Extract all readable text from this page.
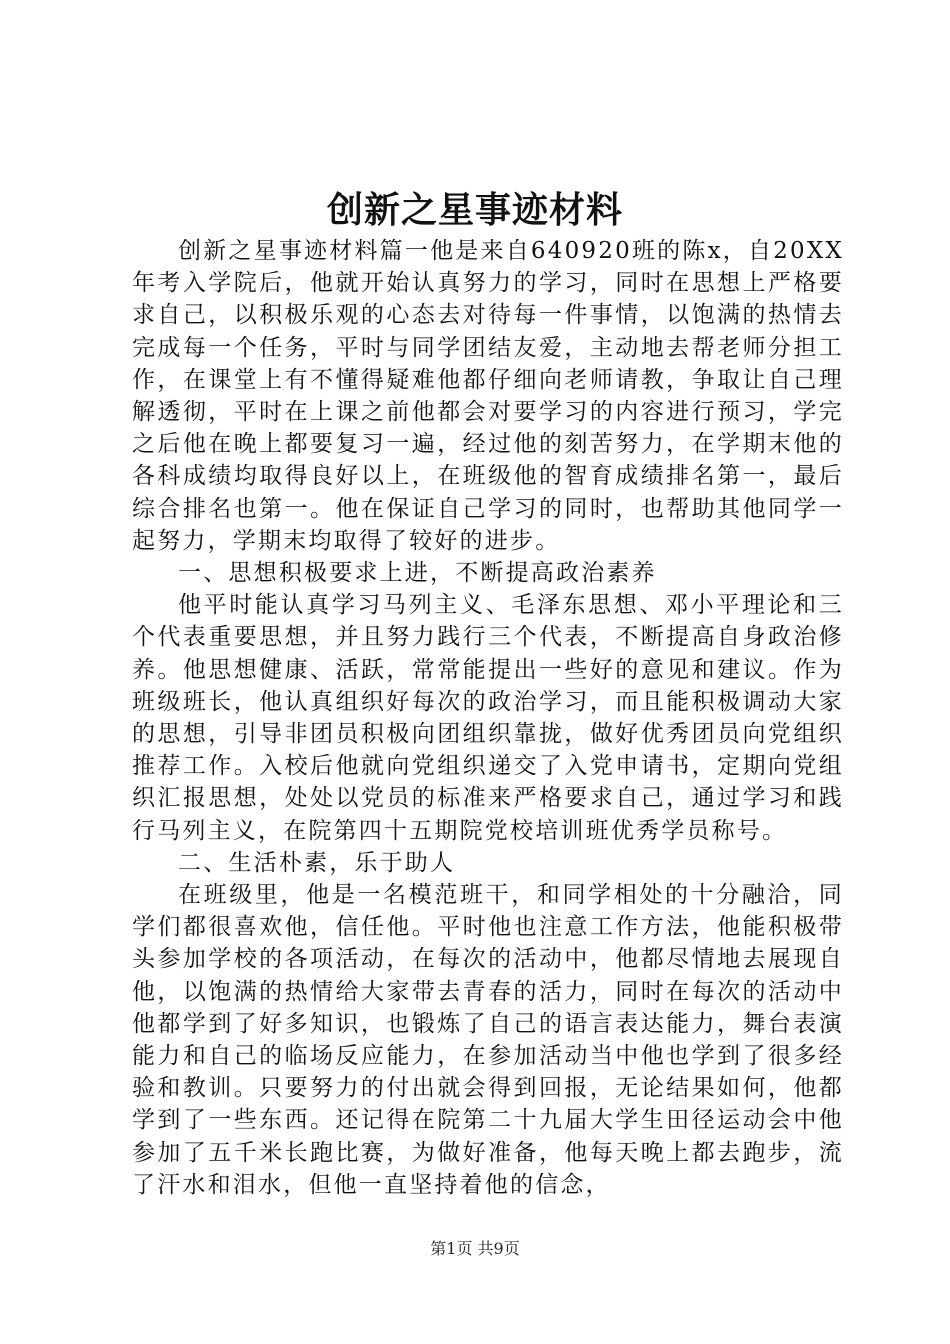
创新之星事迹材料

创新之星事迹材料篇一他是来自640920班的陈x，自20XX年考入学院后，他就开始认真努力的学习，同时在思想上严格要求自己，以积极乐观的心态去对待每一件事情，以饱满的热情去完成每一个任务，平时与同学团结友爱，主动地去帮老师分担工作，在课堂上有不懂得疑难他都仔细向老师请教，争取让自己理解透彻，平时在上课之前他都会对要学习的内容进行预习，学完之后他在晚上都要复习一遍，经过他的刻苦努力，在学期末他的各科成绩均取得良好以上，在班级他的智育成绩排名第一，最后综合排名也第一。他在保证自己学习的同时，也帮助其他同学一起努力，学期末均取得了较好的进步。

一、思想积极要求上进，不断提高政治素养

他平时能认真学习马列主义、毛泽东思想、邓小平理论和三个代表重要思想，并且努力践行三个代表，不断提高自身政治修养。他思想健康、活跃，常常能提出一些好的意见和建议。作为班级班长，他认真组织好每次的政治学习，而且能积极调动大家的思想，引导非团员积极向团组织靠拢，做好优秀团员向党组织推荐工作。入校后他就向党组织递交了入党申请书，定期向党组织汇报思想，处处以党员的标准来严格要求自己，通过学习和践行马列主义，在院第四十五期院党校培训班优秀学员称号。

二、生活朴素，乐于助人

在班级里，他是一名模范班干，和同学相处的十分融洽，同学们都很喜欢他，信任他。平时他也注意工作方法，他能积极带头参加学校的各项活动，在每次的活动中，他都尽情地去展现自他，以饱满的热情给大家带去青春的活力，同时在每次的活动中他都学到了好多知识，也锻炼了自己的语言表达能力，舞台表演能力和自己的临场反应能力，在参加活动当中他也学到了很多经验和教训。只要努力的付出就会得到回报，无论结果如何，他都学到了一些东西。还记得在院第二十九届大学生田径运动会中他参加了五千米长跑比赛，为做好准备，他每天晚上都去跑步，流了汗水和泪水，但他一直坚持着他的信念，

第1页 共9页
